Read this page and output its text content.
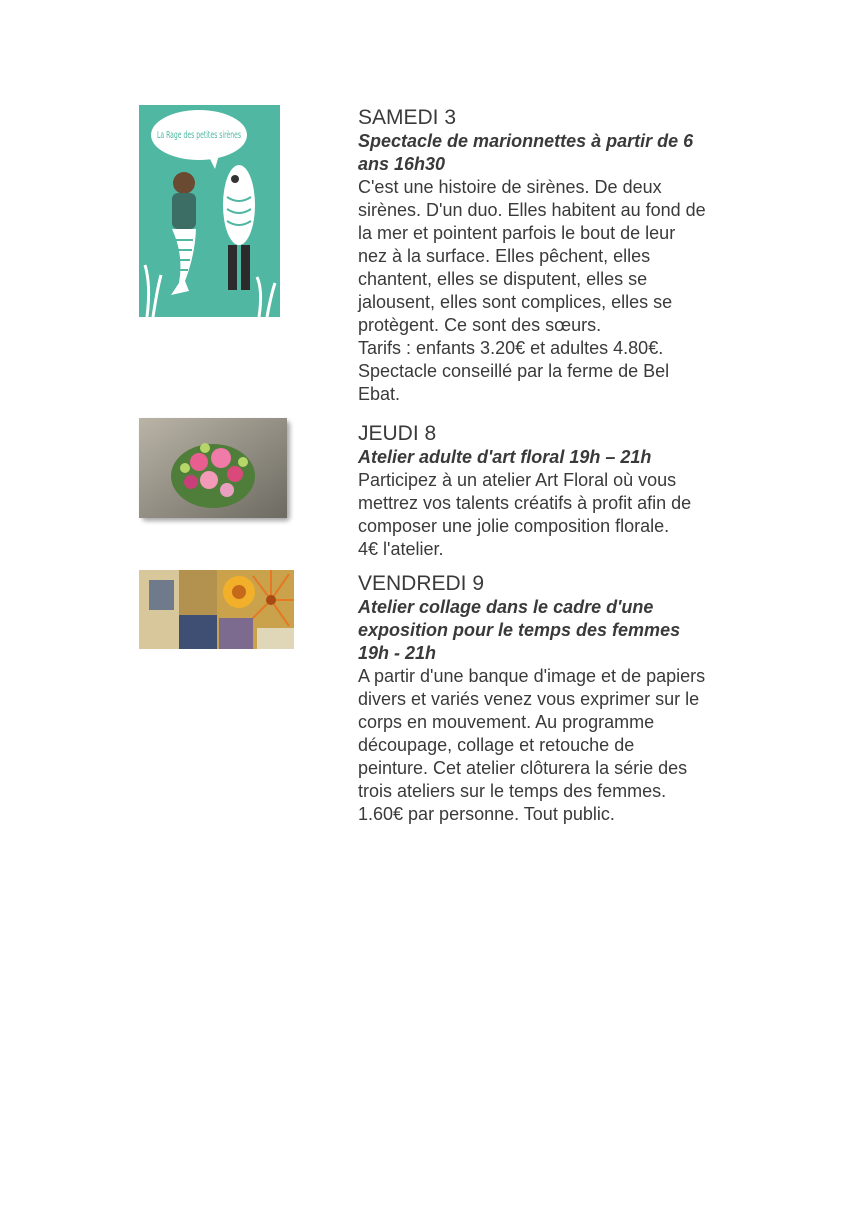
La Rage des petites sirènes

SAMEDI 3

Spectacle de marionnettes à partir de 6
ans 16h30

C'est une histoire de sirènes. De deux
sirènes. D'un duo. Elles habitent au fond de
la mer et pointent parfois le bout de leur
nez à la surface. Elles pêchent, elles
chantent, elles se disputent, elles se
jalousent, elles sont complices, elles se
protègent. Ce sont des sœurs.
Tarifs : enfants 3.20€ et adultes 4.80€.
Spectacle conseillé par la ferme de Bel
Ebat.

JEUDI 8

Atelier adulte d'art floral 19h – 21h

Participez à un atelier Art Floral où vous
mettrez vos talents créatifs à profit afin de
composer une jolie composition florale.
4€ l'atelier.

VENDREDI 9

Atelier collage dans le cadre d'une
exposition pour le temps des femmes
19h - 21h

A partir d'une banque d'image et de papiers
divers et variés venez vous exprimer sur le
corps en mouvement. Au programme
découpage, collage et retouche de
peinture. Cet atelier clôturera la série des
trois ateliers sur le temps des femmes.
1.60€ par personne. Tout public.
